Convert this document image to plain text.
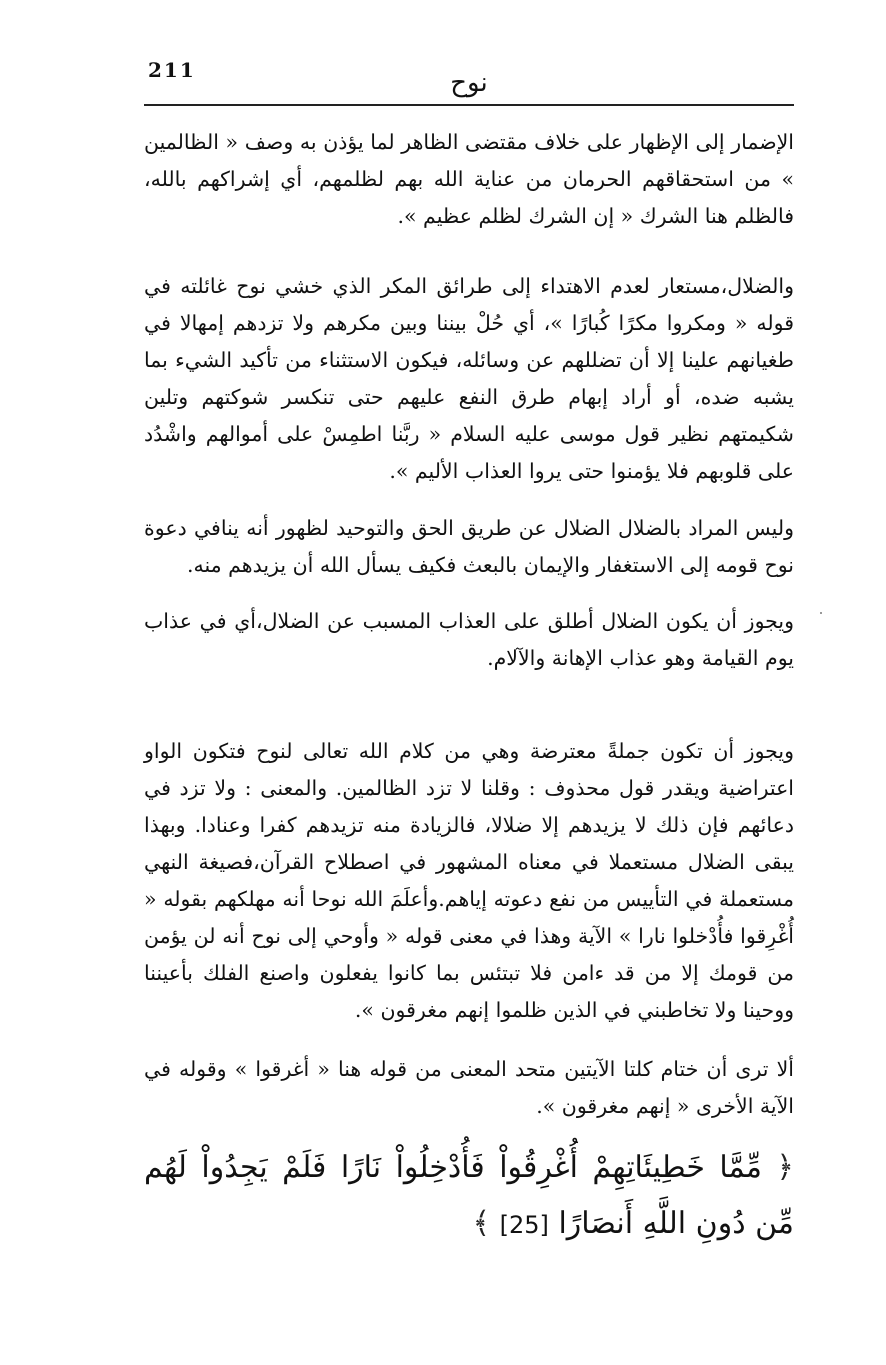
211	نوح

الإضمار إلى الإظهار على خلاف مقتضى الظاهر لما يؤذن به وصف « الظالمين » من استحقاقهم الحرمان من عناية الله بهم لظلمهم، أي إشراكهم بالله، فالظلم هنا الشرك « إن الشرك لظلم عظيم ».

والضلال،مستعار لعدم الاهتداء إلى طرائق المكر الذي خشي نوح غائلته في قوله « ومكروا مكرًا كُبارًا »، أي حُلْ بيننا وبين مكرهم ولا تزدهم إمهالا في طغيانهم علينا إلا أن تضللهم عن وسائله، فيكون الاستثناء من تأكيد الشيء بما يشبه ضده، أو أراد إبهام طرق النفع عليهم حتى تنكسر شوكتهم وتلين شكيمتهم نظير قول موسى عليه السلام « ربَّنا اطمِسْ على أموالهم واشْدُد على قلوبهم فلا يؤمنوا حتى يروا العذاب الأليم ».

وليس المراد بالضلال الضلال عن طريق الحق والتوحيد لظهور أنه ينافي دعوة نوح قومه إلى الاستغفار والإيمان بالبعث فكيف يسأل الله أن يزيدهم منه.

ويجوز أن يكون الضلال أطلق على العذاب المسبب عن الضلال،أي في عذاب يوم القيامة وهو عذاب الإهانة والآلام.

ويجوز أن تكون جملةً معترضة وهي من كلام الله تعالى لنوح فتكون الواو اعتراضية ويقدر قول محذوف : وقلنا لا تزد الظالمين. والمعنى : ولا تزد في دعائهم فإن ذلك لا يزيدهم إلا ضلالا، فالزيادة منه تزيدهم كفرا وعنادا. وبهذا يبقى الضلال مستعملا في معناه المشهور في اصطلاح القرآن،فصيغة النهي مستعملة في التأييس من نفع دعوته إياهم.وأعلَمَ الله نوحا أنه مهلكهم بقوله « أُغْرِقوا فأُدْخلوا نارا » الآية وهذا في معنى قوله « وأوحي إلى نوح أنه لن يؤمن من قومك إلا من قد ءامن فلا تبتئس بما كانوا يفعلون واصنع الفلك بأعيننا ووحينا ولا تخاطبني في الذين ظلموا إنهم مغرقون ».

ألا ترى أن ختام كلتا الآيتين متحد المعنى من قوله هنا « أغرقوا » وقوله في الآية الأخرى « إنهم مغرقون ».

﴿ مِّمَّا خَطِيئَاتِهِمْ أُغْرِقُواْ فَأُدْخِلُواْ نَارًا فَلَمْ يَجِدُواْ لَهُم مِّن دُونِ اللَّهِ أَنصَارًا [25] ﴾
